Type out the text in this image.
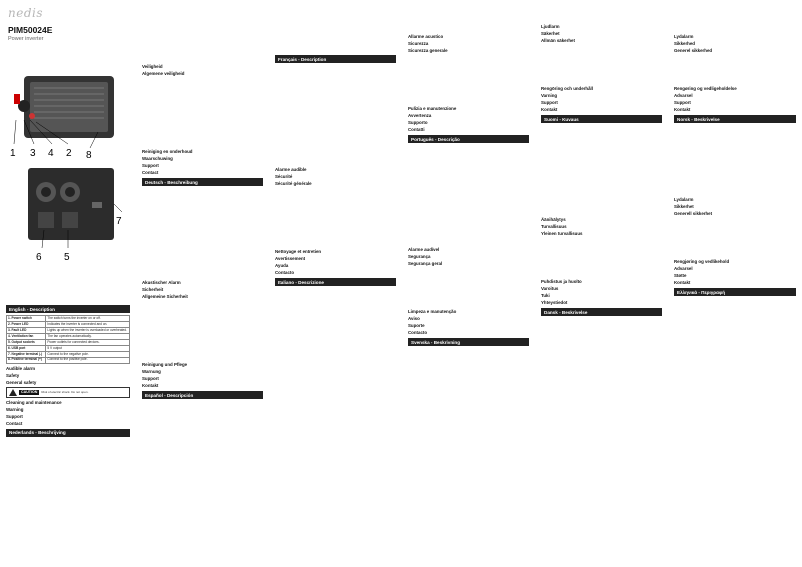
nedis
PIM50024E
Power inverter
1 3 4 2 8
7
6 5
English - Description
1. Power switch	The switch turns the inverter on or off.
2. Power LED	Indicates the inverter is connected and on.
3. Fault LED	Lights up when the inverter is overloaded or overheated.
4. Ventilation fan	The fan operates automatically.
5. Output sockets	Power outlets for connected devices.
6. USB port	5 V output
7. Negative terminal (-)	Connect to the negative pole.
8. Positive terminal (+)	Connect to the positive pole.
Audible alarm
Safety
General safety
CAUTION	Risk of electric shock. Do not open.
Cleaning and maintenance
Warning
Support
Contact
Nederlands - Beschrijving
Veiligheid
Algemene veiligheid
Reiniging en onderhoud
Waarschuwing
Support
Contact
Deutsch - Beschreibung
Akustischer Alarm
Sicherheit
Allgemeine Sicherheit
Reinigung und Pflege
Warnung
Support
Kontakt
Español - Descripción
Français - Description
Alarme audible
Sécurité
Sécurité générale
Nettoyage et entretien
Avertissement
Ayuda
Contacto
Italiano - Descrizione
Allarme acustico
Sicurezza
Sicurezza generale
Pulizia e manutenzione
Avvertenza
Supporto
Contatti
Português - Descrição
Alarme audível
Segurança
Segurança geral
Limpeza e manutenção
Aviso
Suporte
Contacto
Svenska - Beskrivning
Ljudlarm
Säkerhet
Allmän säkerhet
Rengöring och underhåll
Varning
Support
Kontakt
Suomi - Kuvaus
Äänihälytys
Turvallisuus
Yleinen turvallisuus
Puhdistus ja huolto
Varoitus
Tuki
Yhteystiedot
Dansk - Beskrivelse
Lydalarm
Sikkerhed
Generel sikkerhed
Rengøring og vedligeholdelse
Advarsel
Support
Kontakt
Norsk - Beskrivelse
Lydalarm
Sikkerhet
Generell sikkerhet
Rengjøring og vedlikehold
Advarsel
Støtte
Kontakt
Ελληνικά - Περιγραφή
